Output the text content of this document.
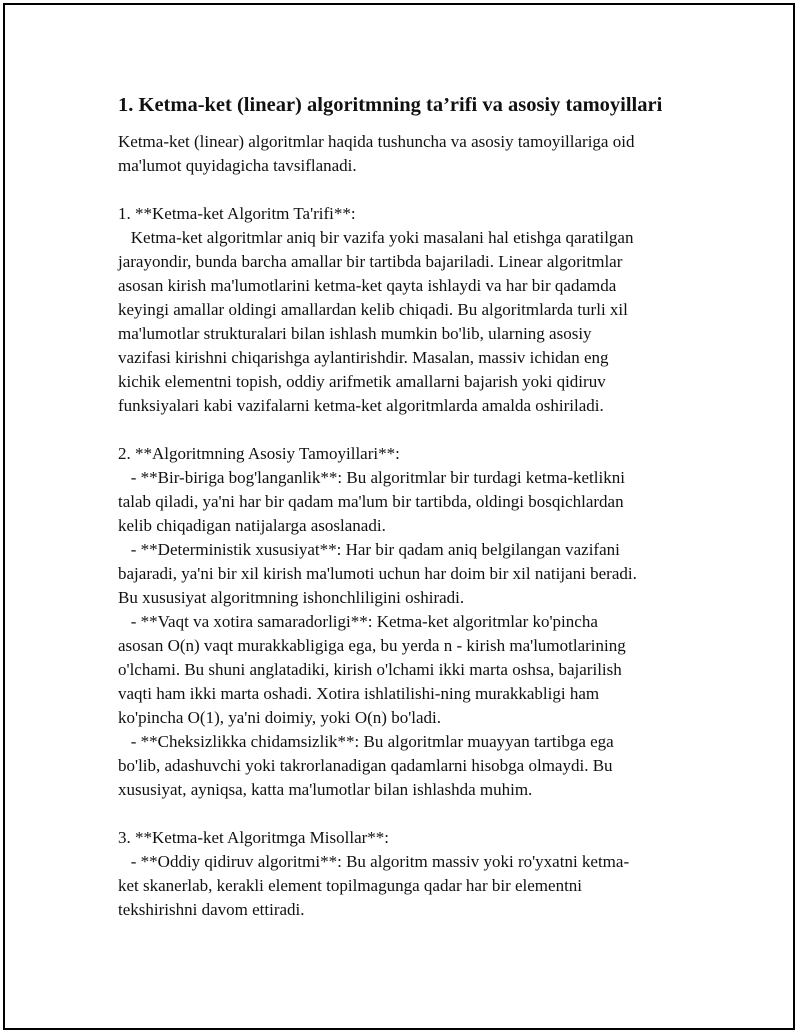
1. Ketma-ket (linear) algoritmning ta’rifi va asosiy tamoyillari

Ketma-ket (linear) algoritmlar haqida tushuncha va asosiy tamoyillariga oid

ma'lumot quyidagicha tavsiflanadi.

1. **Ketma-ket Algoritm Ta'rifi**:

Ketma-ket algoritmlar aniq bir vazifa yoki masalani hal etishga qaratilgan

jarayondir, bunda barcha amallar bir tartibda bajariladi. Linear algoritmlar

asosan kirish ma'lumotlarini ketma-ket qayta ishlaydi va har bir qadamda

keyingi amallar oldingi amallardan kelib chiqadi. Bu algoritmlarda turli xil

ma'lumotlar strukturalari bilan ishlash mumkin bo'lib, ularning asosiy

vazifasi kirishni chiqarishga aylantirishdir. Masalan, massiv ichidan eng

kichik elementni topish, oddiy arifmetik amallarni bajarish yoki qidiruv

funksiyalari kabi vazifalarni ketma-ket algoritmlarda amalda oshiriladi.

2. **Algoritmning Asosiy Tamoyillari**:

- **Bir-biriga bog'langanlik**: Bu algoritmlar bir turdagi ketma-ketlikni

talab qiladi, ya'ni har bir qadam ma'lum bir tartibda, oldingi bosqichlardan

kelib chiqadigan natijalarga asoslanadi.

- **Deterministik xususiyat**: Har bir qadam aniq belgilangan vazifani

bajaradi, ya'ni bir xil kirish ma'lumoti uchun har doim bir xil natijani beradi.

Bu xususiyat algoritmning ishonchliligini oshiradi.

- **Vaqt va xotira samaradorligi**: Ketma-ket algoritmlar ko'pincha

asosan O(n) vaqt murakkabligiga ega, bu yerda n - kirish ma'lumotlarining

o'lchami. Bu shuni anglatadiki, kirish o'lchami ikki marta oshsa, bajarilish

vaqti ham ikki marta oshadi. Xotira ishlatilishi-ning murakkabligi ham

ko'pincha O(1), ya'ni doimiy, yoki O(n) bo'ladi.

- **Cheksizlikka chidamsizlik**: Bu algoritmlar muayyan tartibga ega

bo'lib, adashuvchi yoki takrorlanadigan qadamlarni hisobga olmaydi. Bu

xususiyat, ayniqsa, katta ma'lumotlar bilan ishlashda muhim.

3. **Ketma-ket Algoritmga Misollar**:

- **Oddiy qidiruv algoritmi**: Bu algoritm massiv yoki ro'yxatni ketma-

ket skanerlab, kerakli element topilmagunga qadar har bir elementni

tekshirishni davom ettiradi.
